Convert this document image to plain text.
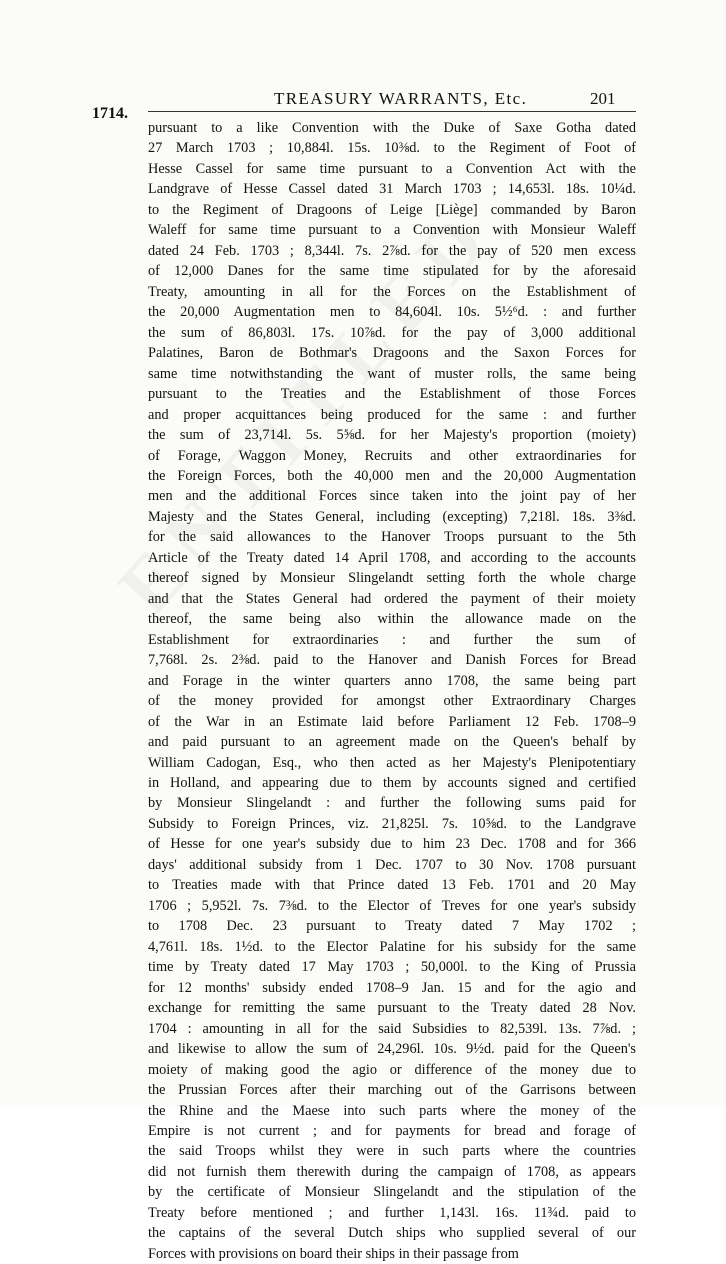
1714.
TREASURY WARRANTS, Etc.	201
pursuant to a like Convention with the Duke of Saxe Gotha dated
27 March 1703 ; 10,884l. 15s. 10⅜d. to the Regiment of Foot of
Hesse Cassel for same time pursuant to a Convention Act with the
Landgrave of Hesse Cassel dated 31 March 1703 ; 14,653l. 18s. 10¼d.
to the Regiment of Dragoons of Leige [Liège] commanded by Baron
Waleff for same time pursuant to a Convention with Monsieur Waleff
dated 24 Feb. 1703 ; 8,344l. 7s. 2⅞d. for the pay of 520 men excess
of 12,000 Danes for the same time stipulated for by the aforesaid
Treaty, amounting in all for the Forces on the Establishment of
the 20,000 Augmentation men to 84,604l. 10s. 5½⁶d. : and further
the sum of 86,803l. 17s. 10⅞d. for the pay of 3,000 additional
Palatines, Baron de Bothmar's Dragoons and the Saxon Forces for
same time notwithstanding the want of muster rolls, the same being
pursuant to the Treaties and the Establishment of those Forces
and proper acquittances being produced for the same : and further
the sum of 23,714l. 5s. 5⅝d. for her Majesty's proportion (moiety)
of Forage, Waggon Money, Recruits and other extraordinaries for
the Foreign Forces, both the 40,000 men and the 20,000 Augmentation
men and the additional Forces since taken into the joint pay of her
Majesty and the States General, including (excepting) 7,218l. 18s. 3⅜d.
for the said allowances to the Hanover Troops pursuant to the 5th
Article of the Treaty dated 14 April 1708, and according to the accounts
thereof signed by Monsieur Slingelandt setting forth the whole charge
and that the States General had ordered the payment of their moiety
thereof, the same being also within the allowance made on the
Establishment for extraordinaries : and further the sum of
7,768l. 2s. 2⅜d. paid to the Hanover and Danish Forces for Bread
and Forage in the winter quarters anno 1708, the same being part
of the money provided for amongst other Extraordinary Charges
of the War in an Estimate laid before Parliament 12 Feb. 1708–9
and paid pursuant to an agreement made on the Queen's behalf by
William Cadogan, Esq., who then acted as her Majesty's Plenipotentiary
in Holland, and appearing due to them by accounts signed and certified
by Monsieur Slingelandt : and further the following sums paid for
Subsidy to Foreign Princes, viz. 21,825l. 7s. 10⅝d. to the Landgrave
of Hesse for one year's subsidy due to him 23 Dec. 1708 and for 366
days' additional subsidy from 1 Dec. 1707 to 30 Nov. 1708 pursuant
to Treaties made with that Prince dated 13 Feb. 1701 and 20 May
1706 ; 5,952l. 7s. 7⅜d. to the Elector of Treves for one year's subsidy
to 1708 Dec. 23 pursuant to Treaty dated 7 May 1702 ;
4,761l. 18s. 1½d. to the Elector Palatine for his subsidy for the same
time by Treaty dated 17 May 1703 ; 50,000l. to the King of Prussia
for 12 months' subsidy ended 1708–9 Jan. 15 and for the agio and
exchange for remitting the same pursuant to the Treaty dated 28 Nov.
1704 : amounting in all for the said Subsidies to 82,539l. 13s. 7⅞d. ;
and likewise to allow the sum of 24,296l. 10s. 9½d. paid for the Queen's
moiety of making good the agio or difference of the money due to
the Prussian Forces after their marching out of the Garrisons between
the Rhine and the Maese into such parts where the money of the
Empire is not current ; and for payments for bread and forage of
the said Troops whilst they were in such parts where the countries
did not furnish them therewith during the campaign of 1708, as appears
by the certificate of Monsieur Slingelandt and the stipulation of the
Treaty before mentioned ; and further 1,143l. 16s. 11¾d. paid to
the captains of the several Dutch ships who supplied several of our
Forces with provisions on board their ships in their passage from
